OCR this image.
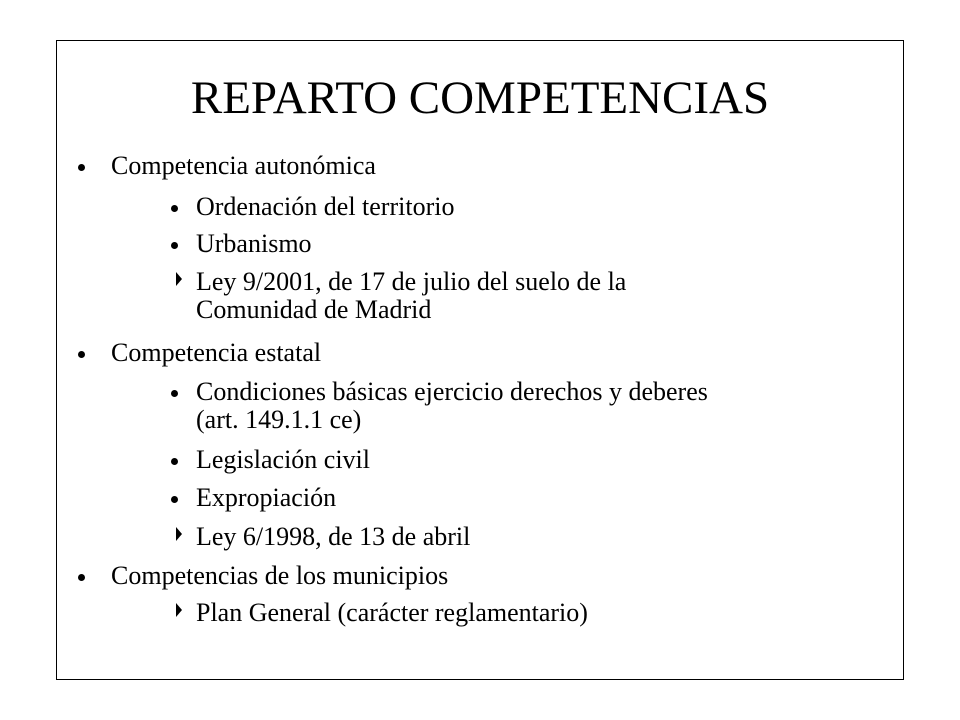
REPARTO COMPETENCIAS
Competencia autonómica
Ordenación del territorio
Urbanismo
Ley 9/2001, de 17 de julio del suelo de la
Comunidad de Madrid
Competencia estatal
Condiciones básicas ejercicio derechos y deberes
(art. 149.1.1 ce)
Legislación civil
Expropiación
Ley 6/1998, de 13 de abril
Competencias de los municipios
Plan General (carácter reglamentario)
